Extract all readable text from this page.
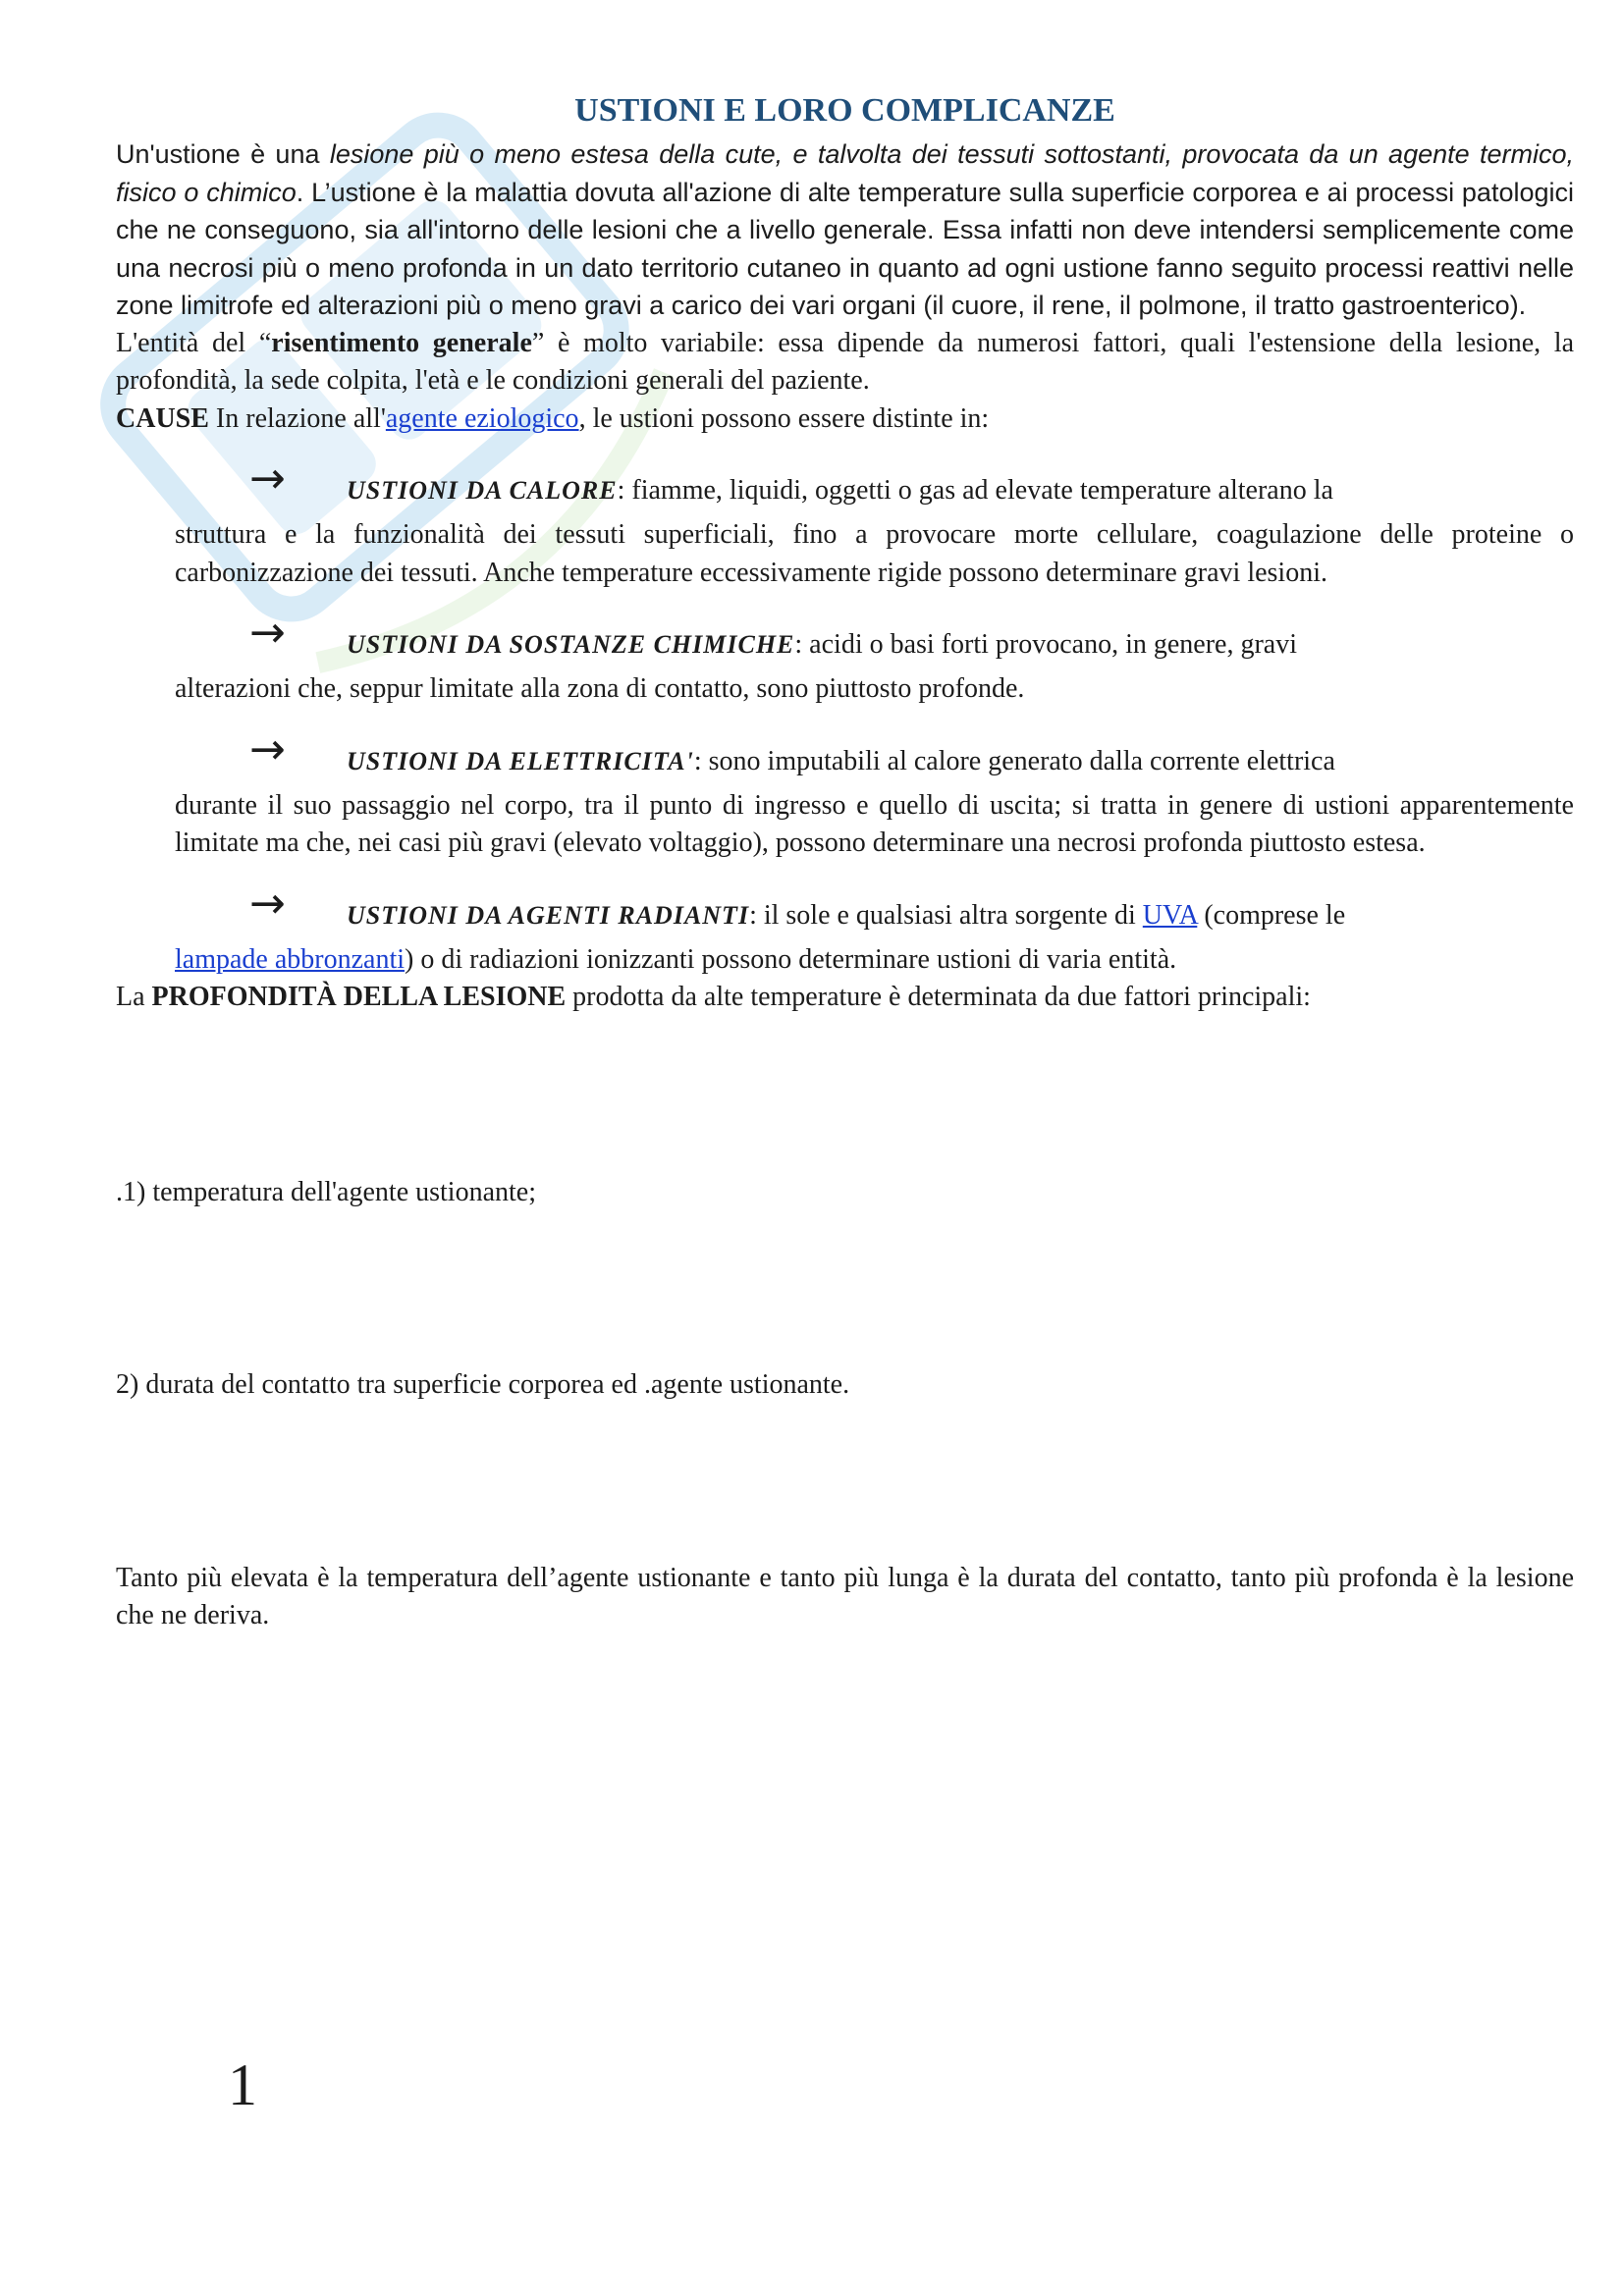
USTIONI E LORO COMPLICANZE

Un'ustione è una lesione più o meno estesa della cute, e talvolta dei tessuti sottostanti, provocata da un agente termico, fisico o chimico. L’ustione è la malattia dovuta all'azione di alte temperature sulla superficie corporea e ai processi patologici che ne conseguono, sia all'intorno delle lesioni che a livello generale. Essa infatti non deve intendersi semplicemente come una necrosi più o meno profonda in un dato territorio cutaneo in quanto ad ogni ustione fanno seguito processi reattivi nelle zone limitrofe ed alterazioni più o meno gravi a carico dei vari organi (il cuore, il rene, il polmone, il tratto gastroenterico).

L'entità del “risentimento generale” è molto variabile: essa dipende da numerosi fattori, quali l'estensione della lesione, la profondità, la sede colpita, l'età e le condizioni generali del paziente.

CAUSE In relazione all'agente eziologico, le ustioni possono essere distinte in:

→	USTIONI DA CALORE: fiamme, liquidi, oggetti o gas ad elevate temperature alterano la

struttura e la funzionalità dei tessuti superficiali, fino a provocare morte cellulare, coagulazione delle proteine o carbonizzazione dei tessuti. Anche temperature eccessivamente rigide possono determinare gravi lesioni.

→	USTIONI DA SOSTANZE CHIMICHE: acidi o basi forti provocano, in genere, gravi

alterazioni che, seppur limitate alla zona di contatto, sono piuttosto profonde.

→	USTIONI DA ELETTRICITA': sono imputabili al calore generato dalla corrente elettrica

durante il suo passaggio nel corpo, tra il punto di ingresso e quello di uscita; si tratta in genere di ustioni apparentemente limitate ma che, nei casi più gravi (elevato voltaggio), possono determinare una necrosi profonda piuttosto estesa.

→	USTIONI DA AGENTI RADIANTI: il sole e qualsiasi altra sorgente di UVA (comprese le

lampade abbronzanti) o di radiazioni ionizzanti possono determinare ustioni di varia entità.

La PROFONDITÀ DELLA LESIONE prodotta da alte temperature è determinata da due fattori principali:

.1) temperatura dell'agente ustionante;

2) durata del contatto tra superficie corporea ed .agente ustionante.

Tanto più elevata è la temperatura dell’agente ustionante e tanto più lunga è la durata del contatto, tanto più profonda è la lesione che ne deriva.

1
